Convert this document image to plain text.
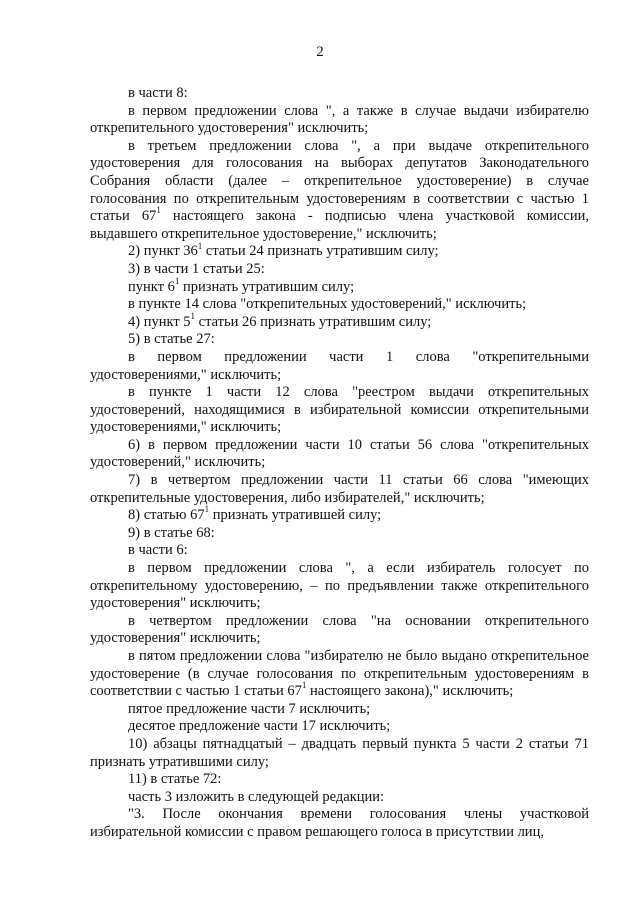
2

в части 8:

в первом предложении слова ", а также в случае выдачи избирателю открепительного удостоверения" исключить;

в третьем предложении слова ", а при выдаче открепительного удостоверения для голосования на выборах депутатов Законодательного Собрания области (далее – открепительное удостоверение) в случае голосования по открепительным удостоверениям в соответствии с частью 1 статьи $67^1$ настоящего закона - подписью члена участковой комиссии, выдавшего открепительное удостоверение," исключить;

2) пункт $36^1$ статьи 24 признать утратившим силу;

3) в части 1 статьи 25:

пункт $6^1$ признать утратившим силу;

в пункте 14 слова "открепительных удостоверений," исключить;

4) пункт $5^1$ статьи 26 признать утратившим силу;

5) в статье 27:

в первом предложении части 1 слова "открепительными удостоверениями," исключить;

в пункте 1 части 12 слова "реестром выдачи открепительных удостоверений, находящимися в избирательной комиссии открепительными удостоверениями," исключить;

6) в первом предложении части 10 статьи 56 слова "открепительных удостоверений," исключить;

7) в четвертом предложении части 11 статьи 66 слова "имеющих открепительные удостоверения, либо избирателей," исключить;

8) статью $67^1$ признать утратившей силу;

9) в статье 68:

в части 6:

в первом предложении слова ", а если избиратель голосует по открепительному удостоверению, – по предъявлении также открепительного удостоверения" исключить;

в четвертом предложении слова "на основании открепительного удостоверения" исключить;

в пятом предложении слова "избирателю не было выдано открепительное удостоверение (в случае голосования по открепительным удостоверениям в соответствии с частью 1 статьи $67^1$ настоящего закона)," исключить;

пятое предложение части 7 исключить;

десятое предложение части 17 исключить;

10) абзацы пятнадцатый – двадцать первый пункта 5 части 2 статьи 71 признать утратившими силу;

11) в статье 72:

часть 3 изложить в следующей редакции:

"3. После окончания времени голосования члены участковой избирательной комиссии с правом решающего голоса в присутствии лиц,
